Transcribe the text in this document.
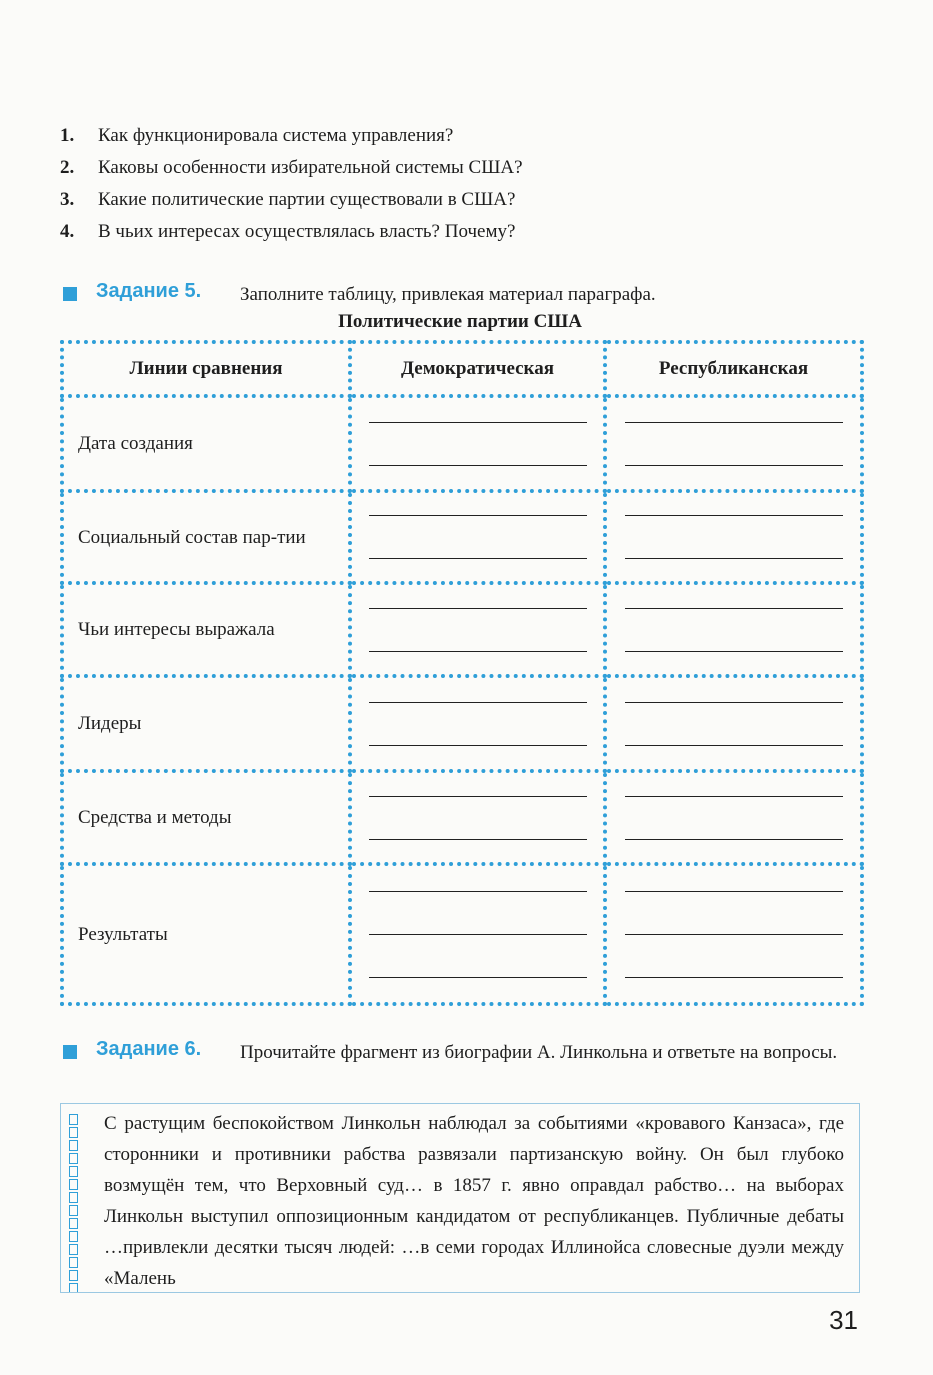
1. Как функционировала система управления?
2. Каковы особенности избирательной системы США?
3. Какие политические партии существовали в США?
4. В чьих интересах осуществлялась власть? Почему?
Задание 5. Заполните таблицу, привлекая материал параграфа.
Политические партии США
Линии сравнения	Демократическая	Республиканская
Дата создания	

Социальный состав пар-тии	

Чьи интересы выражала	

Лидеры	

Средства и методы	

Результаты	

Задание 6. Прочитайте фрагмент из биографии А. Линкольна и ответьте на вопросы.
С растущим беспокойством Линкольн наблюдал за событиями «кровавого Канзаса», где сторонники и противники рабства развязали партизанскую войну. Он был глубоко возмущён тем, что Верховный суд… в 1857 г. явно оправдал рабство… на выборах Линкольн выступил оппозиционным кандидатом от республиканцев. Публичные дебаты …привлекли десятки тысяч людей: …в семи городах Иллинойса словесные дуэли между «Малень
31
